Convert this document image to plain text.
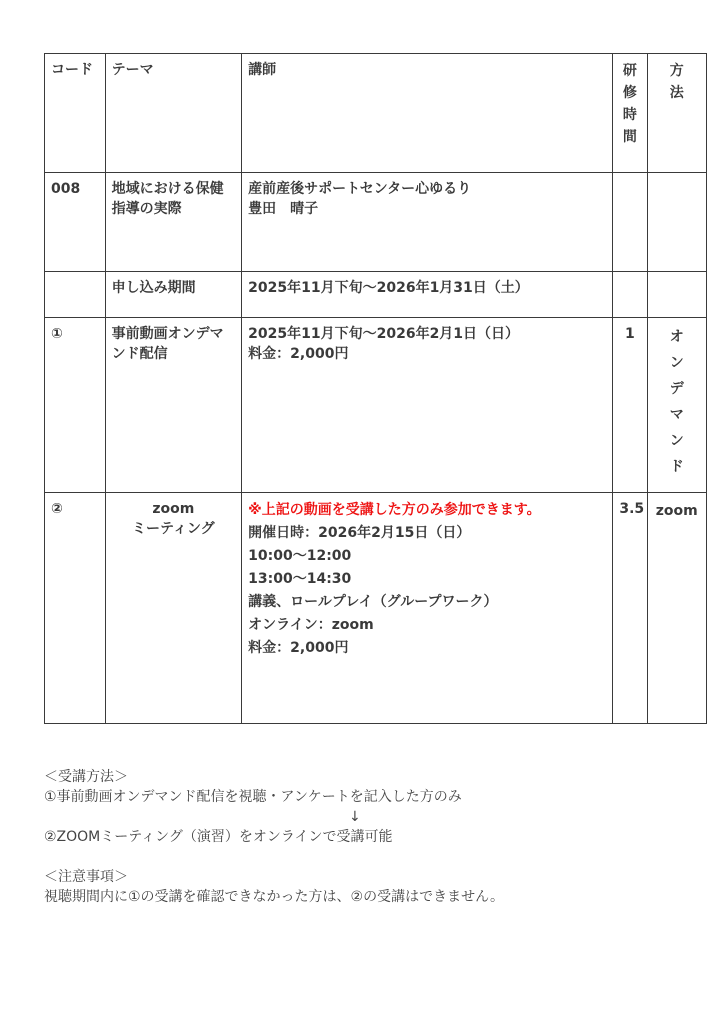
コード	テーマ	講師	研
修
時
間	方
法

008	地域における保健指導の実際	産前産後サポートセンター心ゆるり
豊田　晴子		

	申し込み期間	2025年11月下旬〜2026年1月31日（土）		
①	事前動画オンデマンド配信	
2025年11月下旬〜2026年2月1日（日）
料金：2,000円
	1	オ
ン
デ
マ
ン
ド

②	zoom
ミーティング

※上記の動画を受講した方のみ参加できます。
開催日時：2026年2月15日（日）
10:00〜12:00
13:00〜14:30
講義、ロールプレイ（グループワーク）
オンライン：zoom
料金：2,000円
	3.5	zoom
＜受講方法＞
①事前動画オンデマンド配信を視聴・アンケートを記入した方のみ
↓
②ZOOMミーティング（演習）をオンラインで受講可能
＜注意事項＞
視聴期間内に①の受講を確認できなかった方は、②の受講はできません。
